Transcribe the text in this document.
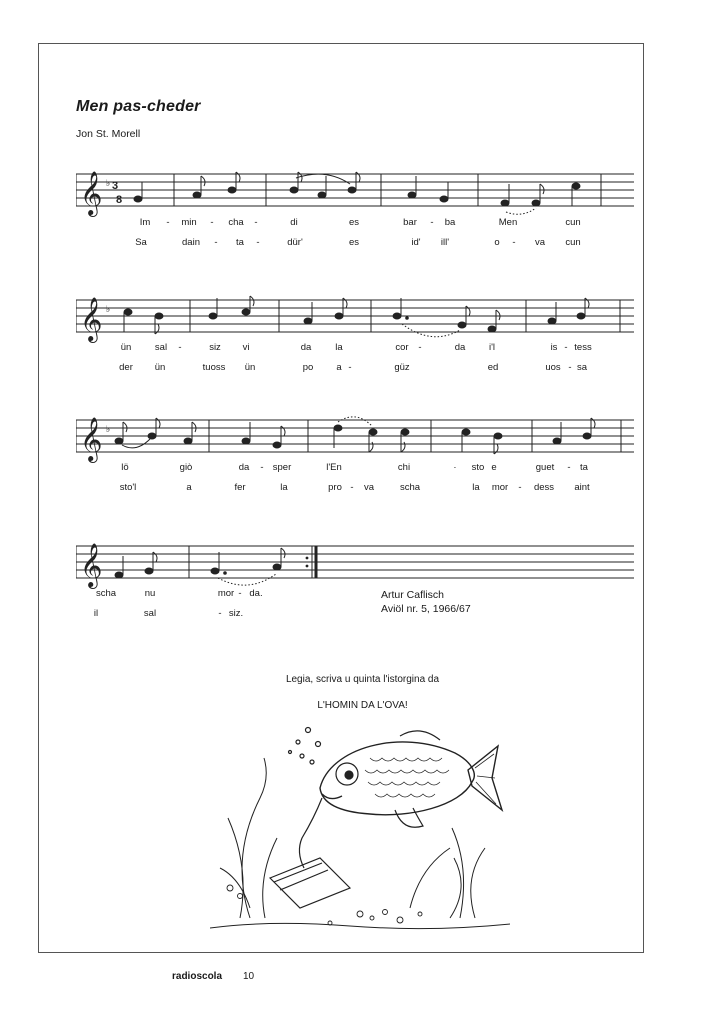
Men pas-cheder
Jon St. Morell
𝄞 ♭ 3
8
Im - min - cha -	di	es	bar - ba	Men	cun
Sa	dain - ta -	dür'	es	id' ill'	o - va cun
𝄞 ♭
ün sal -	siz vi	da	la	cor -	da i'l	is - tess
der ün	tuoss ün	po a -	güz	ed	uos - sa
𝄞 ♭
lö	giò	da - sper	l'En	chi	· sto e	guet - ta
sto'l	a	fer	la	pro - va	scha	la mor - dess aint
𝄞
scha	nu	mor - da.
il	sal	- siz.
Artur Caflisch
Aviöl nr. 5, 1966/67
Legia, scriva u quinta l'istorgina da
L'HOMIN DA L'OVA!
radioscola 10
